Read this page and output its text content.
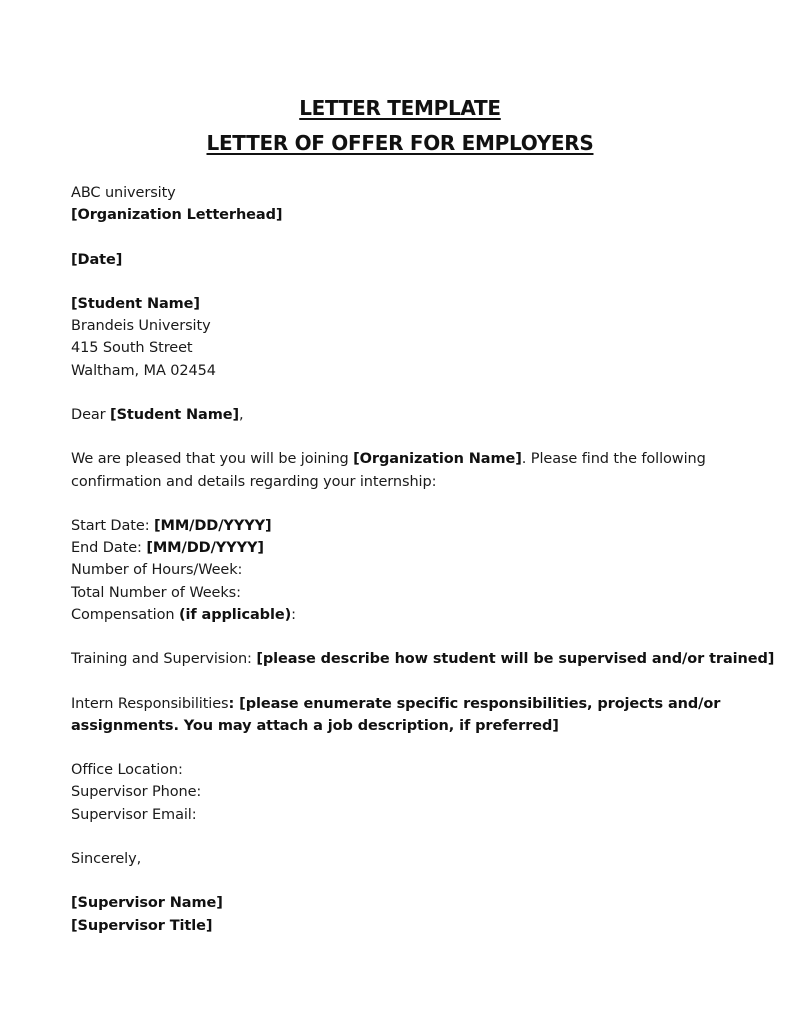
LETTER TEMPLATE
LETTER OF OFFER FOR EMPLOYERS
ABC university
[Organization Letterhead]
[Date]
[Student Name]
Brandeis University
415 South Street
Waltham, MA 02454
Dear [Student Name],
We are pleased that you will be joining [Organization Name]. Please find the following
confirmation and details regarding your internship:
Start Date: [MM/DD/YYYY]
End Date: [MM/DD/YYYY]
Number of Hours/Week:
Total Number of Weeks:
Compensation (if applicable):
Training and Supervision: [please describe how student will be supervised and/or trained]
Intern Responsibilities: [please enumerate specific responsibilities, projects and/or
assignments. You may attach a job description, if preferred]
Office Location:
Supervisor Phone:
Supervisor Email:
Sincerely,
[Supervisor Name]
[Supervisor Title]
